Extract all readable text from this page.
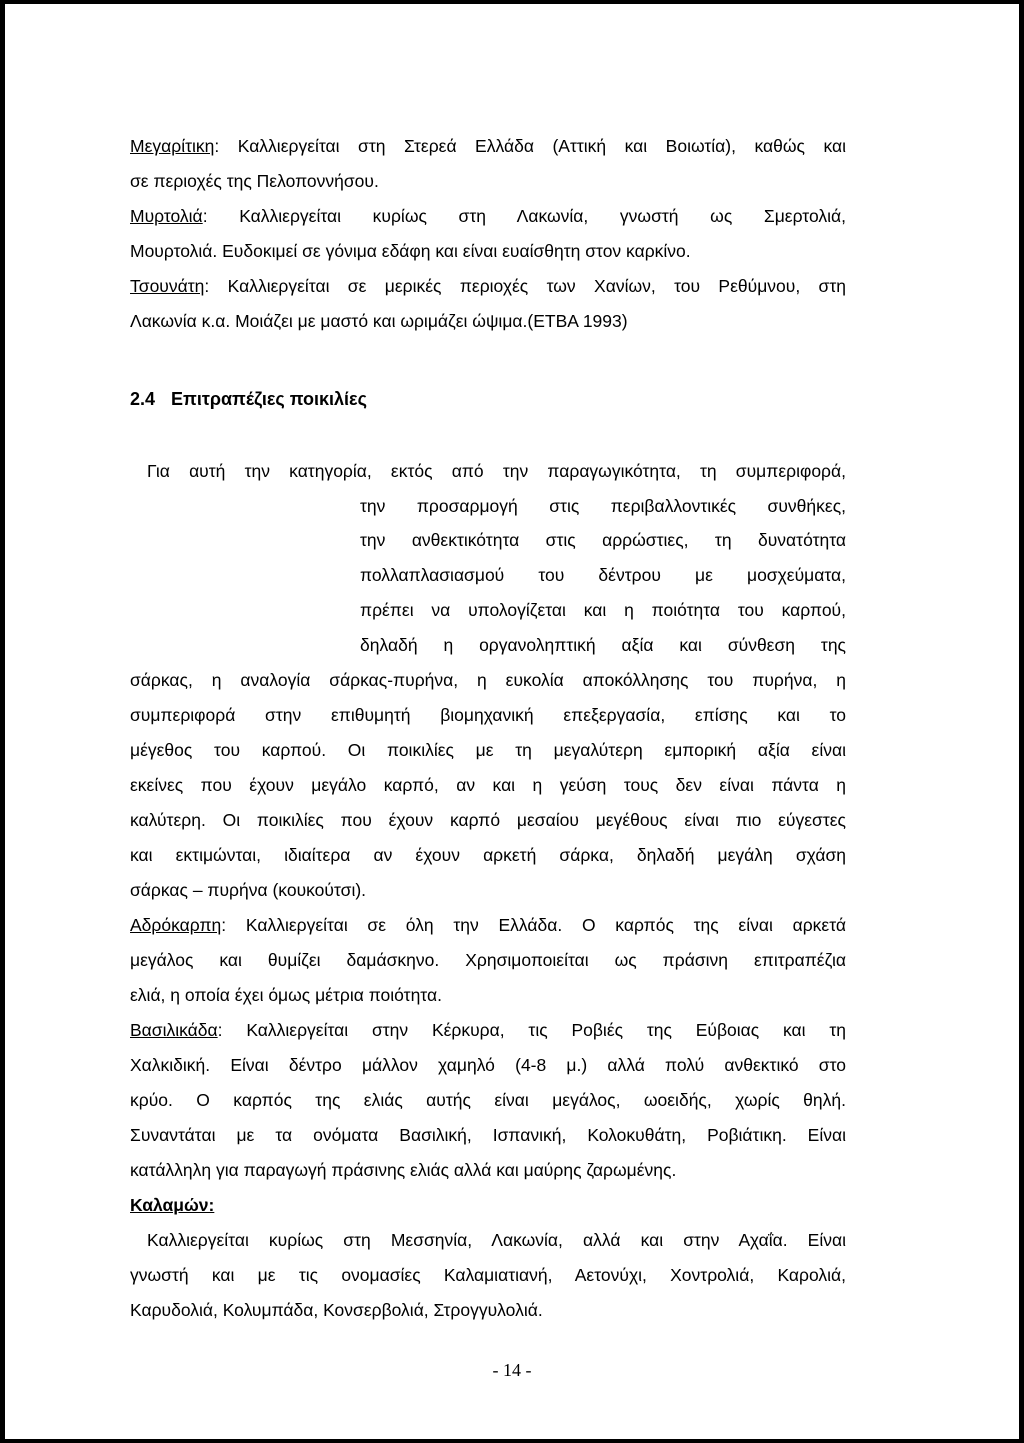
Μεγαρίτικη: Καλλιεργείται στη Στερεά Ελλάδα (Αττική και Βοιωτία), καθώς και
σε περιοχές της Πελοποννήσου.
Μυρτολιά: Καλλιεργείται κυρίως στη Λακωνία, γνωστή ως Σμερτολιά,
Μουρτολιά. Ευδοκιμεί σε γόνιμα εδάφη και είναι ευαίσθητη στον καρκίνο.
Τσουνάτη: Καλλιεργείται σε μερικές περιοχές των Χανίων, του Ρεθύμνου, στη
Λακωνία κ.α. Μοιάζει με μαστό και ωριμάζει ώψιμα.(ΕΤΒΑ 1993)
2.4 Επιτραπέζιες ποικιλίες
Για αυτή την κατηγορία, εκτός από την παραγωγικότητα, τη συμπεριφορά,
την προσαρμογή στις περιβαλλοντικές συνθήκες,
την ανθεκτικότητα στις αρρώστιες, τη δυνατότητα
πολλαπλασιασμού του δέντρου με μοσχεύματα,
πρέπει να υπολογίζεται και η ποιότητα του καρπού,
δηλαδή η οργανοληπτική αξία και σύνθεση της
σάρκας, η αναλογία σάρκας-πυρήνα, η ευκολία αποκόλλησης του πυρήνα, η
συμπεριφορά στην επιθυμητή βιομηχανική επεξεργασία, επίσης και το
μέγεθος του καρπού. Οι ποικιλίες με τη μεγαλύτερη εμπορική αξία είναι
εκείνες που έχουν μεγάλο καρπό, αν και η γεύση τους δεν είναι πάντα η
καλύτερη. Οι ποικιλίες που έχουν καρπό μεσαίου μεγέθους είναι πιο εύγεστες
και εκτιμώνται, ιδιαίτερα αν έχουν αρκετή σάρκα, δηλαδή μεγάλη σχάση
σάρκας – πυρήνα (κουκούτσι).
Αδρόκαρπη: Καλλιεργείται σε όλη την Ελλάδα. Ο καρπός της είναι αρκετά
μεγάλος και θυμίζει δαμάσκηνο. Χρησιμοποιείται ως πράσινη επιτραπέζια
ελιά, η οποία έχει όμως μέτρια ποιότητα.
Βασιλικάδα: Καλλιεργείται στην Κέρκυρα, τις Ροβιές της Εύβοιας και τη
Χαλκιδική. Είναι δέντρο μάλλον χαμηλό (4-8 μ.) αλλά πολύ ανθεκτικό στο
κρύο. Ο καρπός της ελιάς αυτής είναι μεγάλος, ωοειδής, χωρίς θηλή.
Συναντάται με τα ονόματα Βασιλική, Ισπανική, Κολοκυθάτη, Ροβιάτικη. Είναι
κατάλληλη για παραγωγή πράσινης ελιάς αλλά και μαύρης ζαρωμένης.
Καλαμών:
Καλλιεργείται κυρίως στη Μεσσηνία, Λακωνία, αλλά και στην Αχαΐα. Είναι
γνωστή και με τις ονομασίες Καλαμιατιανή, Αετονύχι, Χοντρολιά, Καρολιά,
Καρυδολιά, Κολυμπάδα, Κονσερβολιά, Στρογγυλολιά.
- 14 -
